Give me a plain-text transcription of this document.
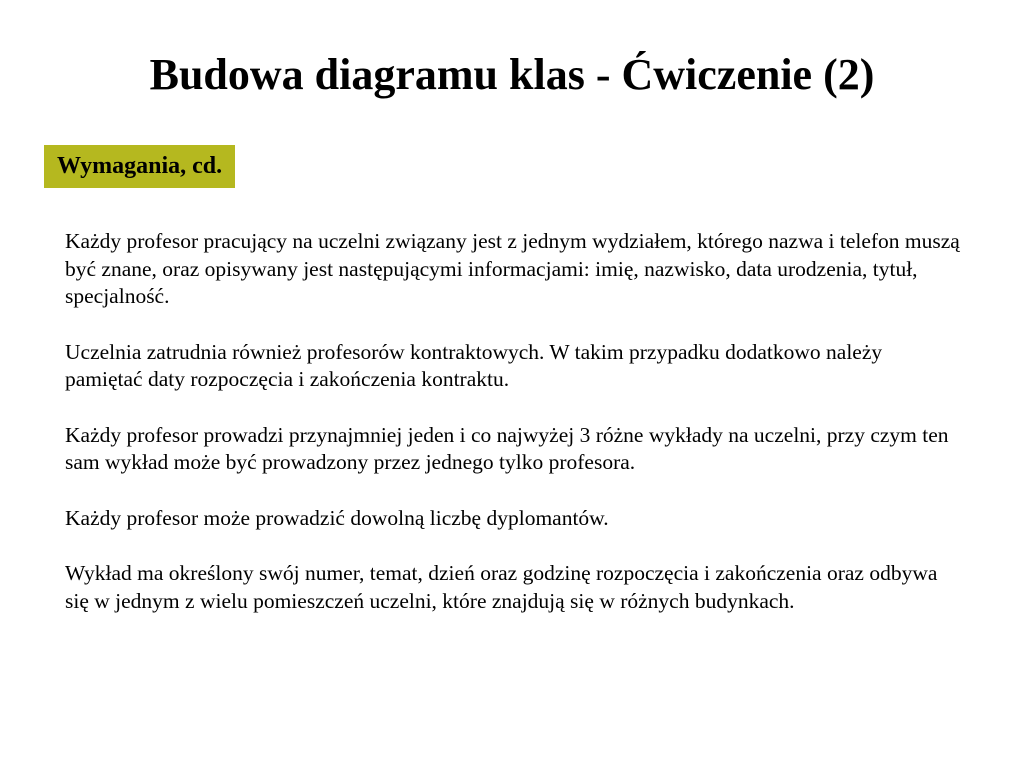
Budowa diagramu klas - Ćwiczenie (2)
Wymagania, cd.

Każdy profesor pracujący na uczelni związany jest z jednym wydziałem, którego nazwa i telefon muszą być znane, oraz opisywany jest następującymi informacjami: imię, nazwisko, data urodzenia, tytuł, specjalność.

Uczelnia zatrudnia również profesorów kontraktowych. W takim przypadku dodatkowo należy pamiętać daty rozpoczęcia i zakończenia kontraktu.

Każdy profesor prowadzi przynajmniej jeden i co najwyżej 3 różne wykłady na uczelni, przy czym ten sam wykład może być prowadzony przez jednego tylko profesora.

Każdy profesor może prowadzić dowolną liczbę dyplomantów.

Wykład ma określony swój numer, temat, dzień oraz godzinę rozpoczęcia i zakończenia oraz odbywa się w jednym z wielu pomieszczeń uczelni, które znajdują się w różnych budynkach.
